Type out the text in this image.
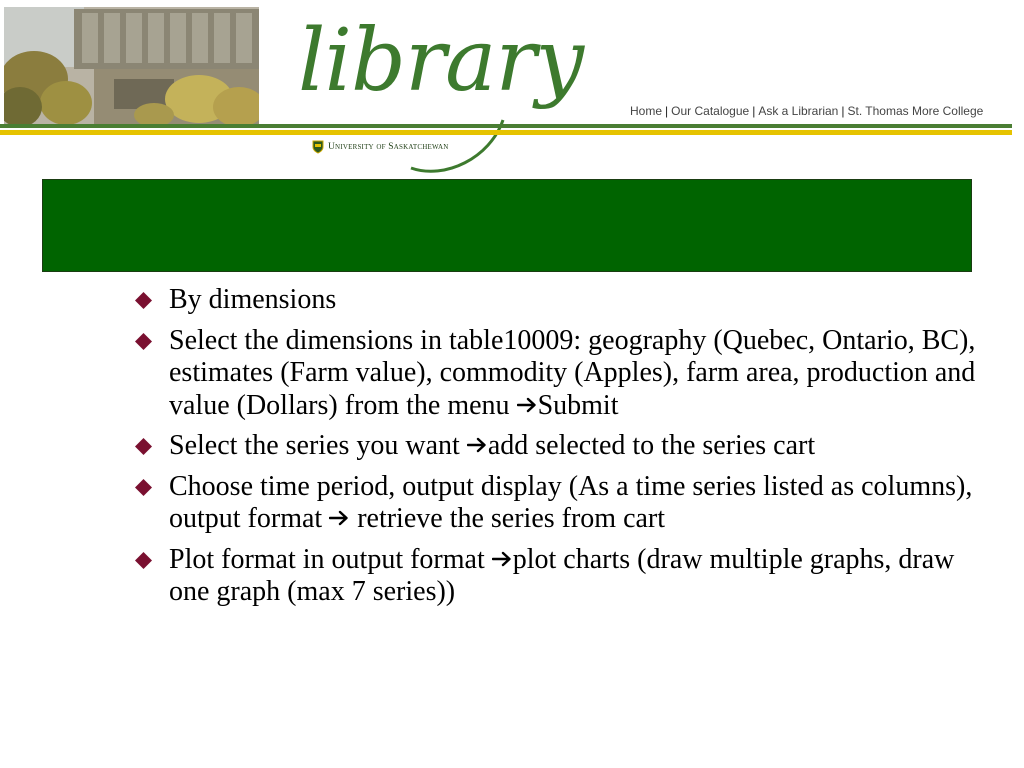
library	Home | Our Catalogue | Ask a Librarian | St. Thomas More College
University of Saskatchewan
By dimensions
Select the dimensions in table10009: geography (Quebec, Ontario, BC), estimates (Farm value), commodity (Apples), farm area, production and value (Dollars) from the menu Submit
Select the series you want add selected to the series cart
Choose time period, output display (As a time series listed as columns), output format  retrieve the series from cart
Plot format in output format plot charts (draw multiple graphs, draw one graph (max 7 series))
